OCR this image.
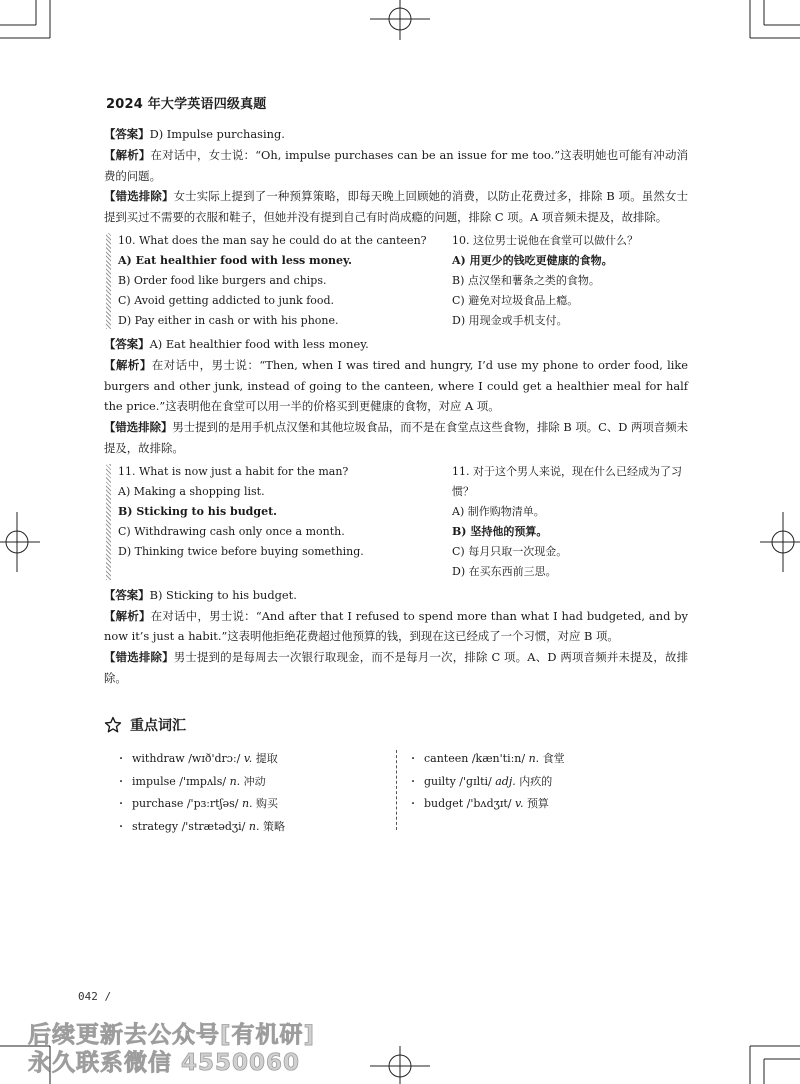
2024 年大学英语四级真题

【答案】D) Impulse purchasing.

【解析】在对话中，女士说：“Oh, impulse purchases can be an issue for me too.”这表明她也可能有冲动消费的问题。

【错选排除】女士实际上提到了一种预算策略，即每天晚上回顾她的消费，以防止花费过多，排除 B 项。虽然女士提到买过不需要的衣服和鞋子，但她并没有提到自己有时尚成瘾的问题，排除 C 项。A 项音频未提及，故排除。

10. What does the man say he could do at the canteen?
A) Eat healthier food with less money.
B) Order food like burgers and chips.
C) Avoid getting addicted to junk food.
D) Pay either in cash or with his phone.
10. 这位男士说他在食堂可以做什么？
A) 用更少的钱吃更健康的食物。
B) 点汉堡和薯条之类的食物。
C) 避免对垃圾食品上瘾。
D) 用现金或手机支付。

【答案】A) Eat healthier food with less money.

【解析】在对话中，男士说：“Then, when I was tired and hungry, I’d use my phone to order food, like burgers and other junk, instead of going to the canteen, where I could get a healthier meal for half the price.”这表明他在食堂可以用一半的价格买到更健康的食物，对应 A 项。

【错选排除】男士提到的是用手机点汉堡和其他垃圾食品，而不是在食堂点这些食物，排除 B 项。C、D 两项音频未提及，故排除。

11. What is now just a habit for the man?
A) Making a shopping list.
B) Sticking to his budget.
C) Withdrawing cash only once a month.
D) Thinking twice before buying something.
11. 对于这个男人来说，现在什么已经成为了习惯？
A) 制作购物清单。
B) 坚持他的预算。
C) 每月只取一次现金。
D) 在买东西前三思。

【答案】B) Sticking to his budget.

【解析】在对话中，男士说：“And after that I refused to spend more than what I had budgeted, and by now it’s just a habit.”这表明他拒绝花费超过他预算的钱，到现在这已经成了一个习惯，对应 B 项。

【错选排除】男士提到的是每周去一次银行取现金，而不是每月一次，排除 C 项。A、D 两项音频并未提及，故排除。

重点词汇
・ withdraw /wɪð'drɔː/ v. 提取
・ impulse /'ɪmpʌls/ n. 冲动
・ purchase /'pɜːrtʃəs/ n. 购买
・ strategy /'strætədʒi/ n. 策略
・ canteen /kæn'tiːn/ n. 食堂
・ guilty /'ɡɪlti/ adj. 内疚的
・ budget /'bʌdʒɪt/ v. 预算
042 /
后续更新去公众号[有机研]
永久联系微信 4550060
